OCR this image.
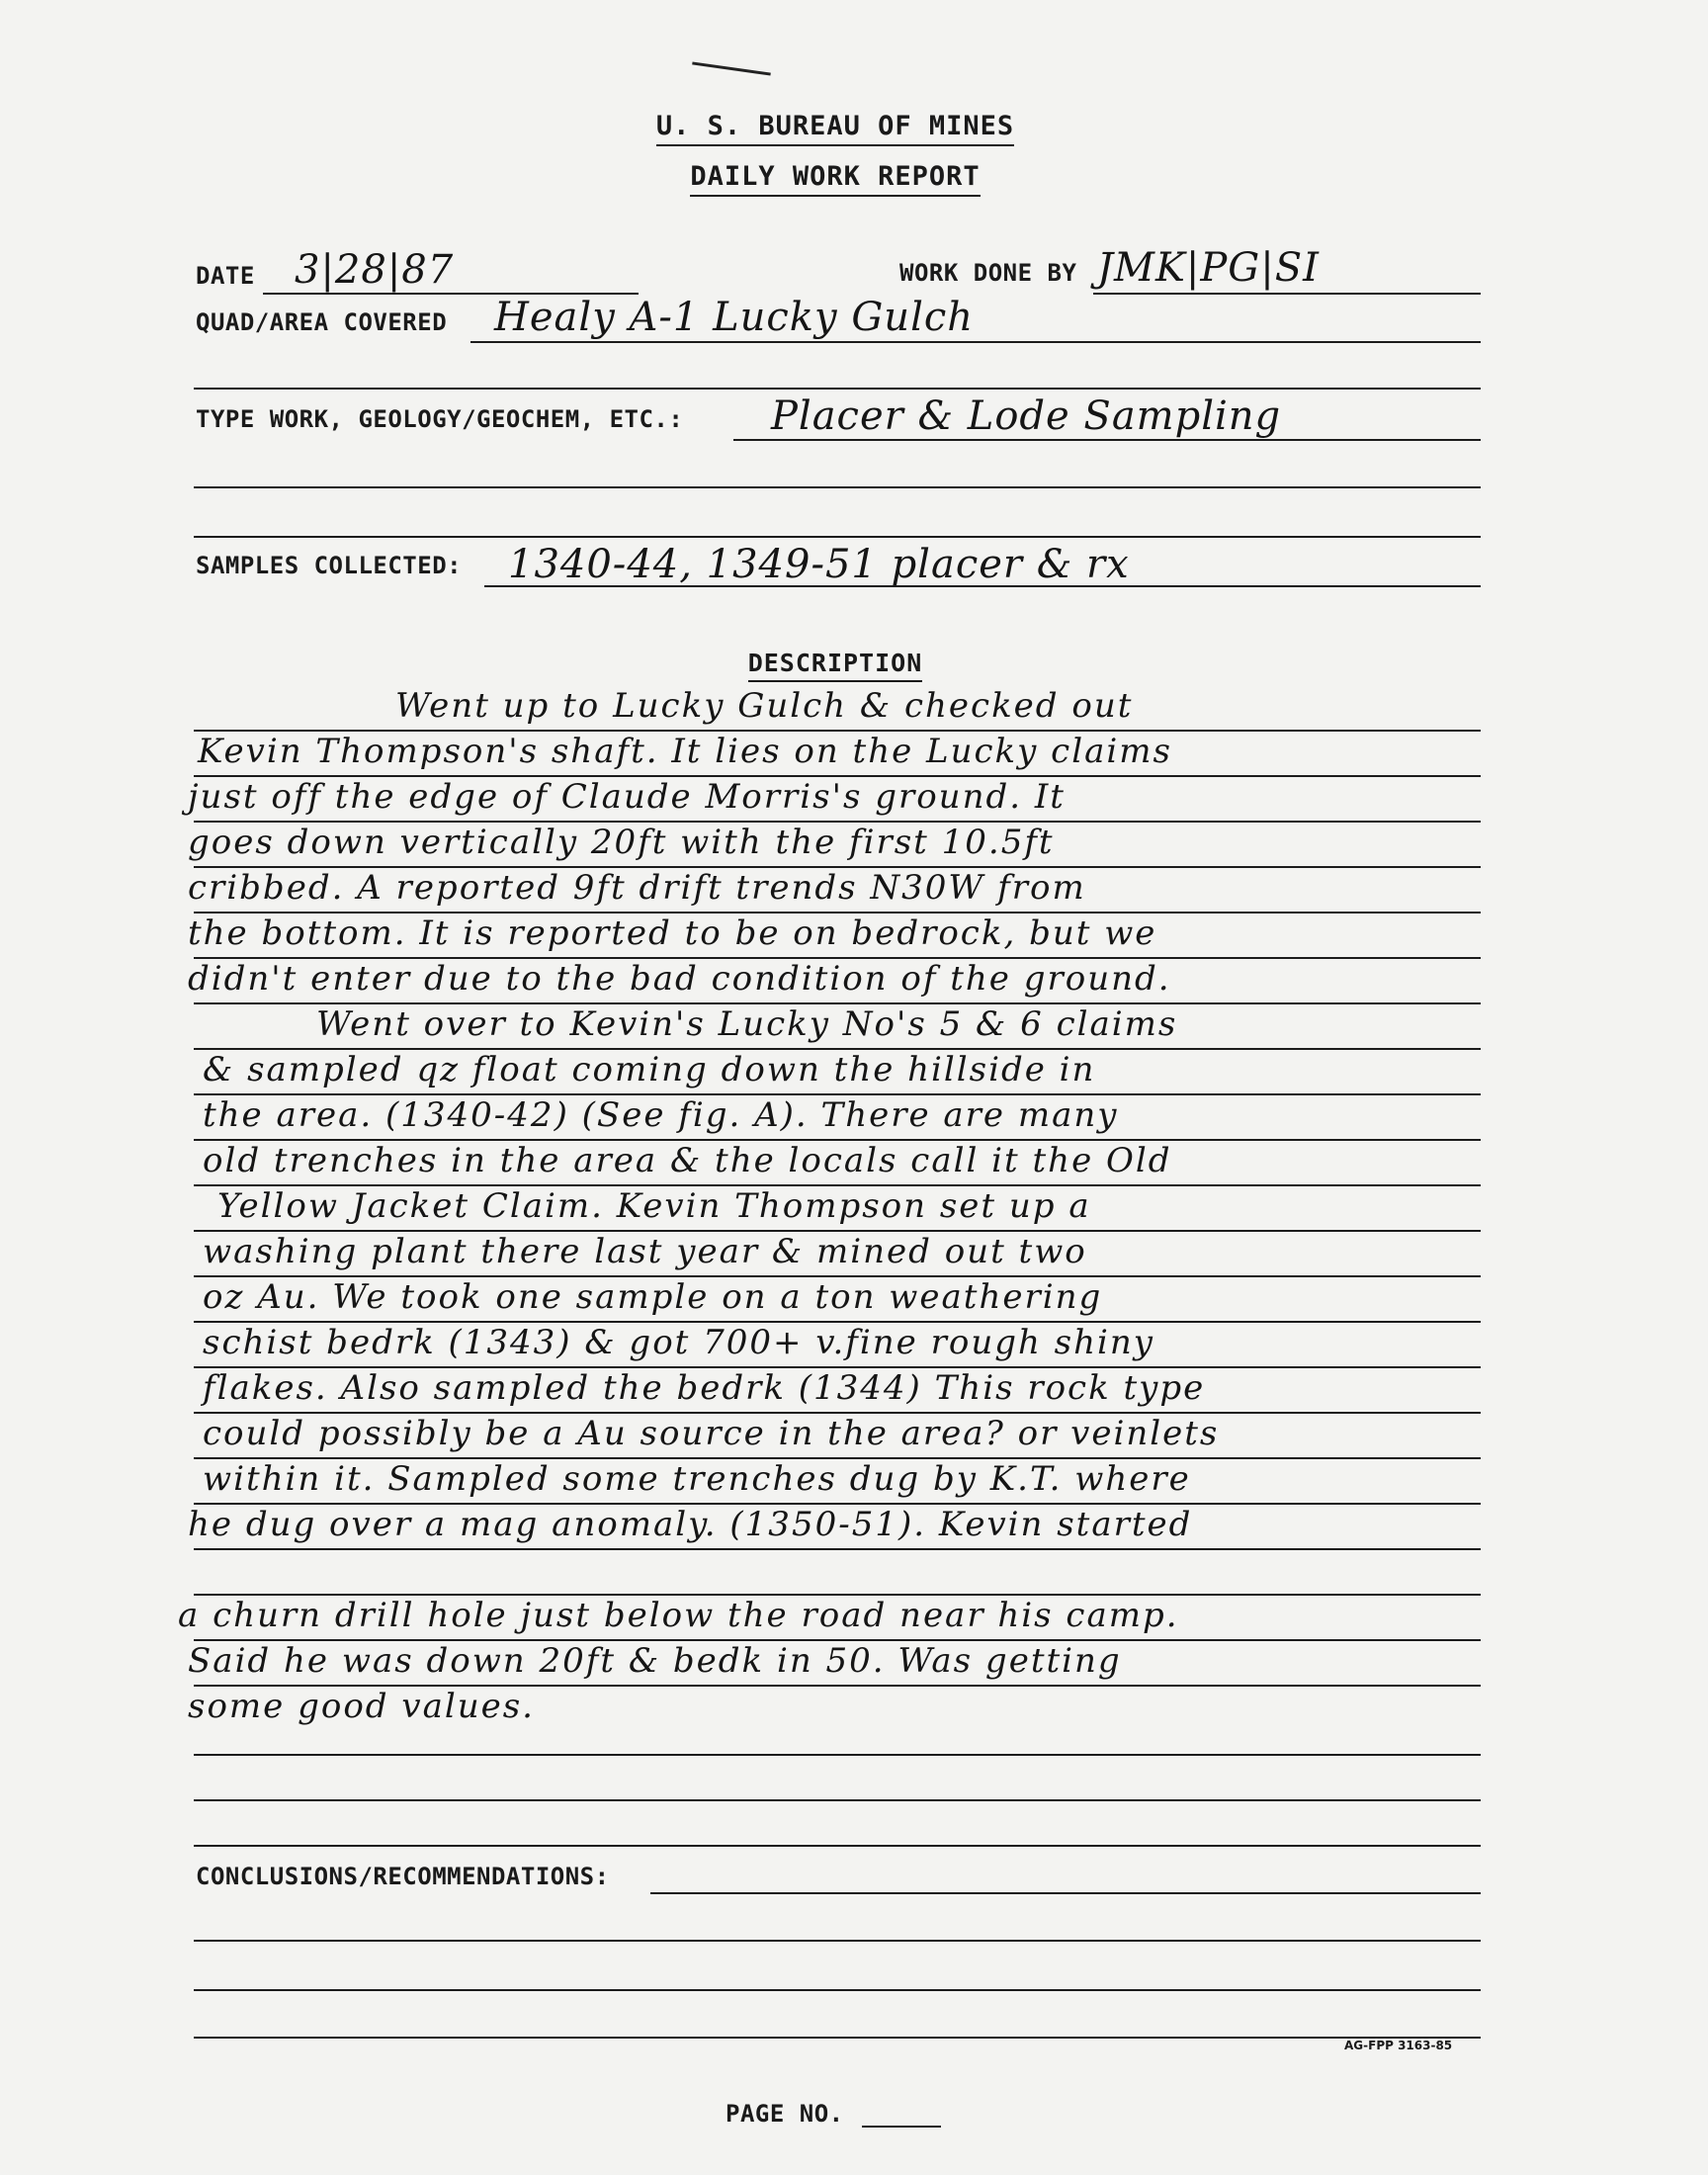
U. S. BUREAU OF MINES
DAILY WORK REPORT
DATE 3|28|87	WORK DONE BY JMK|PG|SI
QUAD/AREA COVERED Healy A-1 Lucky Gulch
TYPE WORK, GEOLOGY/GEOCHEM, ETC.: Placer & Lode Sampling
SAMPLES COLLECTED: 1340-44, 1349-51 placer & rx
DESCRIPTION
Went up to Lucky Gulch & checked out
Kevin Thompson's shaft. It lies on the Lucky claims
just off the edge of Claude Morris's ground. It
goes down vertically 20ft with the first 10.5ft
cribbed. A reported 9ft drift trends N30W from
the bottom. It is reported to be on bedrock, but we
didn't enter due to the bad condition of the ground.
Went over to Kevin's Lucky No's 5 & 6 claims
& sampled qz float coming down the hillside in
the area. (1340-42) (See fig. A). There are many
old trenches in the area & the locals call it the Old
Yellow Jacket Claim. Kevin Thompson set up a
washing plant there last year & mined out two
oz Au. We took one sample on a ton weathering
schist bedrk (1343) & got 700+ v.fine rough shiny
flakes. Also sampled the bedrk (1344) This rock type
could possibly be a Au source in the area? or veinlets
within it. Sampled some trenches dug by K.T. where
he dug over a mag anomaly. (1350-51). Kevin started
a churn drill hole just below the road near his camp.
Said he was down 20ft & bedk in 50. Was getting
some good values.
CONCLUSIONS/RECOMMENDATIONS:
AG-FPP 3163-85
PAGE NO.
